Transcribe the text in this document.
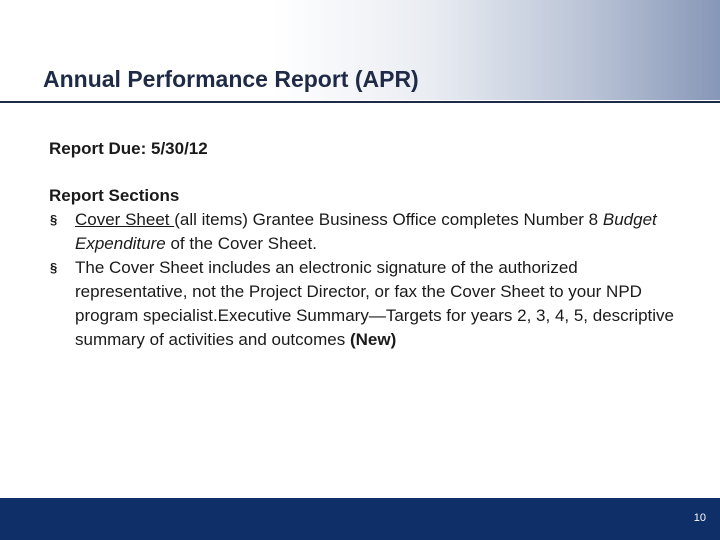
Annual Performance Report (APR)

Report Due: 5/30/12

Report Sections

§ Cover Sheet (all items) Grantee Business Office completes Number 8 Budget Expenditure of the Cover Sheet.
§ The Cover Sheet includes an electronic signature of the authorized representative, not the Project Director, or fax the Cover Sheet to your NPD program specialist.Executive Summary—Targets for years 2, 3, 4, 5, descriptive summary of activities and outcomes (New)

10
